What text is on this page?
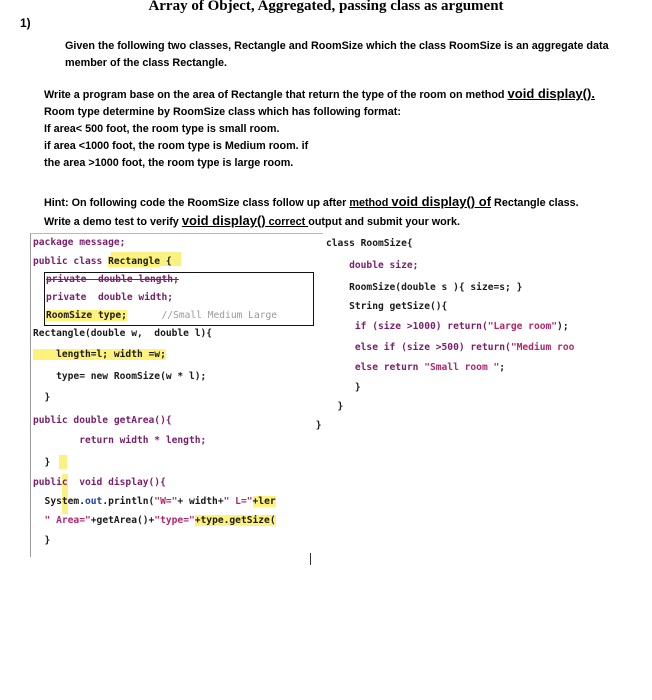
Array of Object, Aggregated, passing class as argument
1)
Given the following two classes, Rectangle and RoomSize which the class RoomSize is an aggregate data
member of the class Rectangle.
Write a program base on the area of Rectangle that return the type of the room on method void display().
Room type determine by RoomSize class which has following format:
If area< 500 foot, the room type is small room.
if area <1000 foot, the room type is Medium room. if
the area >1000 foot, the room type is large room.
Hint: On following code the RoomSize class follow up after method void display() of Rectangle class.
Write a demo test to verify void display() correct output and submit your work.
package message;
public class Rectangle {
private  double length;
private  double width;
RoomSize type;      //Small Medium Large
Rectangle(double w,  double l){
length=l; width =w;
type= new RoomSize(w * l);
}
public double getArea(){
return width * length;
}
public  void display(){
System.out.println("W="+ width+" L="+ler
" Area="+getArea()+"type="+type.getSize(
}
class RoomSize{
double size;
RoomSize(double s ){ size=s; }
String getSize(){
if (size >1000) return("Large room");
else if (size >500) return("Medium roo
else return "Small room ";
}
}
}
